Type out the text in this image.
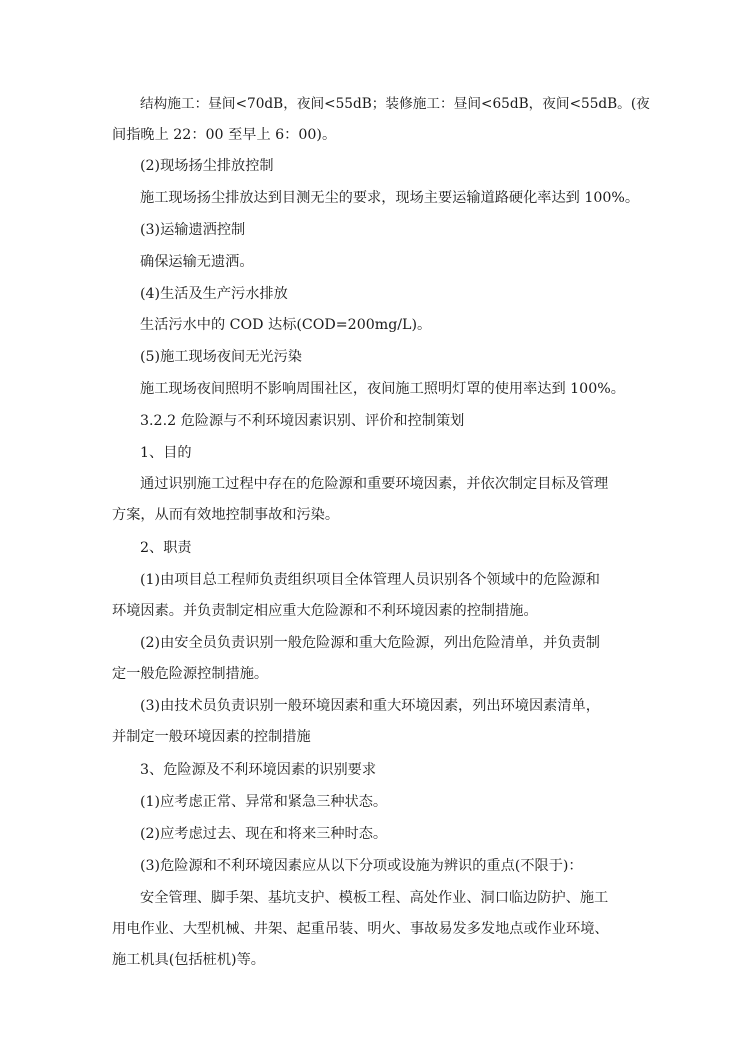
结构施工：昼间<70dB，夜间<55dB；装修施工：昼间<65dB，夜间<55dB。(夜
间指晚上 22：00 至早上 6：00)。
(2)现场扬尘排放控制
施工现场扬尘排放达到目测无尘的要求，现场主要运输道路硬化率达到 100%。
(3)运输遗洒控制
确保运输无遗洒。
(4)生活及生产污水排放
生活污水中的 COD 达标(COD=200mg/L)。
(5)施工现场夜间无光污染
施工现场夜间照明不影响周围社区，夜间施工照明灯罩的使用率达到 100%。
3.2.2 危险源与不利环境因素识别、评价和控制策划
1、目的
通过识别施工过程中存在的危险源和重要环境因素，并依次制定目标及管理
方案，从而有效地控制事故和污染。
2、职责
(1)由项目总工程师负责组织项目全体管理人员识别各个领域中的危险源和
环境因素。并负责制定相应重大危险源和不利环境因素的控制措施。
(2)由安全员负责识别一般危险源和重大危险源，列出危险清单，并负责制
定一般危险源控制措施。
(3)由技术员负责识别一般环境因素和重大环境因素，列出环境因素清单，
并制定一般环境因素的控制措施
3、危险源及不利环境因素的识别要求
(1)应考虑正常、异常和紧急三种状态。
(2)应考虑过去、现在和将来三种时态。
(3)危险源和不利环境因素应从以下分项或设施为辨识的重点(不限于)：
安全管理、脚手架、基坑支护、模板工程、高处作业、洞口临边防护、施工
用电作业、大型机械、井架、起重吊装、明火、事故易发多发地点或作业环境、
施工机具(包括桩机)等。
